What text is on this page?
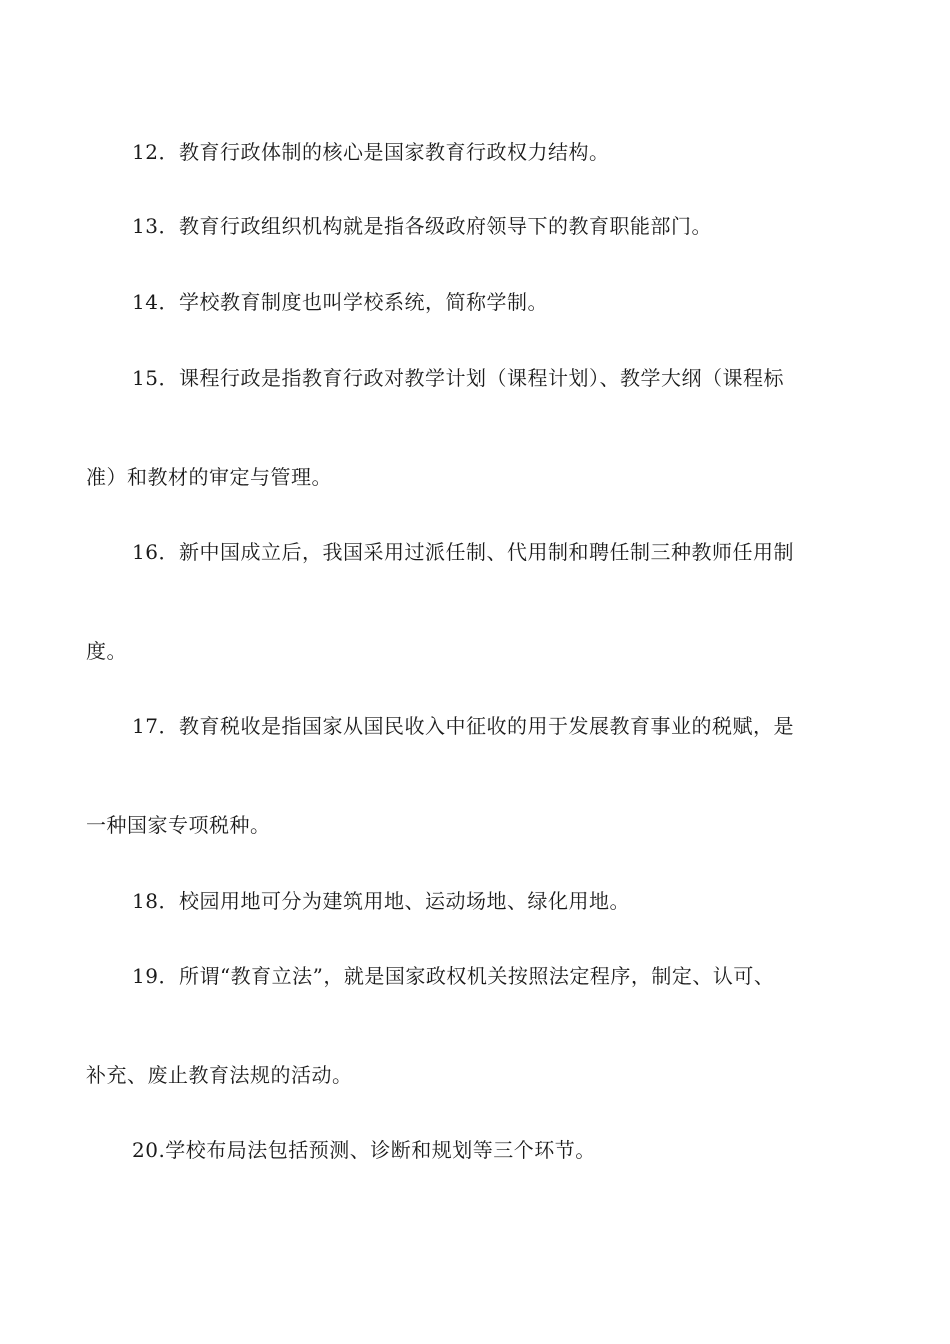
12．教育行政体制的核心是国家教育行政权力结构。
13．教育行政组织机构就是指各级政府领导下的教育职能部门。
14．学校教育制度也叫学校系统，简称学制。
15．课程行政是指教育行政对教学计划（课程计划）、教学大纲（课程标
准）和教材的审定与管理。
16．新中国成立后，我国采用过派任制、代用制和聘任制三种教师任用制
度。
17．教育税收是指国家从国民收入中征收的用于发展教育事业的税赋，是
一种国家专项税种。
18．校园用地可分为建筑用地、运动场地、绿化用地。
19．所谓“教育立法”，就是国家政权机关按照法定程序，制定、认可、
补充、废止教育法规的活动。
20.学校布局法包括预测、诊断和规划等三个环节。
